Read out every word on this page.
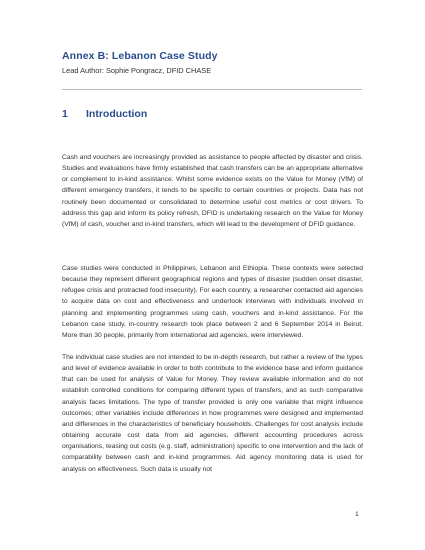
Annex B: Lebanon Case Study
Lead Author: Sophie Pongracz, DFID CHASE
1 Introduction
Cash and vouchers are increasingly provided as assistance to people affected by disaster and crisis. Studies and evaluations have firmly established that cash transfers can be an appropriate alternative or complement to in-kind assistance. Whilst some evidence exists on the Value for Money (VfM) of different emergency transfers, it tends to be specific to certain countries or projects. Data has not routinely been documented or consolidated to determine useful cost metrics or cost drivers. To address this gap and inform its policy refresh, DFID is undertaking research on the Value for Money (VfM) of cash, voucher and in-kind transfers, which will lead to the development of DFID guidance.
Case studies were conducted in Philippines, Lebanon and Ethiopia. These contexts were selected because they represent different geographical regions and types of disaster (sudden onset disaster, refugee crisis and protracted food insecurity). For each country, a researcher contacted aid agencies to acquire data on cost and effectiveness and undertook interviews with individuals involved in planning and implementing programmes using cash, vouchers and in-kind assistance. For the Lebanon case study, in-country research took place between 2 and 6 September 2014 in Beirut. More than 30 people, primarily from international aid agencies, were interviewed.
The individual case studies are not intended to be in-depth research, but rather a review of the types and level of evidence available in order to both contribute to the evidence base and inform guidance that can be used for analysis of Value for Money. They review available information and do not establish controlled conditions for comparing different types of transfers, and as such comparative analysis faces limitations. The type of transfer provided is only one variable that might influence outcomes; other variables include differences in how programmes were designed and implemented and differences in the characteristics of beneficiary households. Challenges for cost analysis include obtaining accurate cost data from aid agencies, different accounting procedures across organisations, teasing out costs (e.g. staff, administration) specific to one intervention and the lack of comparability between cash and in-kind programmes. Aid agency monitoring data is used for analysis on effectiveness. Such data is usually not
1
